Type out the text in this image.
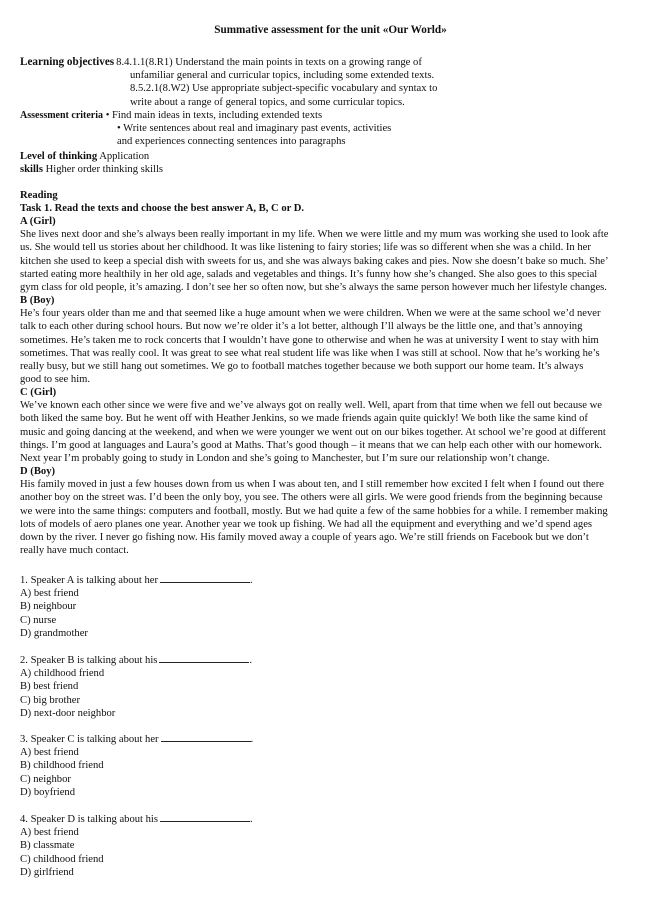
Summative assessment for the unit «Our World»
Learning objectives 8.4.1.1(8.R1) Understand the main points in texts on a growing range of
unfamiliar general and curricular topics, including some extended texts.
8.5.2.1(8.W2) Use appropriate subject-specific vocabulary and syntax to
write about a range of general topics, and some curricular topics.
Assessment criteria • Find main ideas in texts, including extended texts
• Write sentences about real and imaginary past events, activities
and experiences connecting sentences into paragraphs
Level of thinking Application
skills Higher order thinking skills
Reading
Task 1. Read the texts and choose the best answer A, B, C or D.
A (Girl)
She lives next door and she’s always been really important in my life. When we were little and my mum was working she used to look afte
us. She would tell us stories about her childhood. It was like listening to fairy stories; life was so different when she was a child. In her
kitchen she used to keep a special dish with sweets for us, and she was always baking cakes and pies. Now she doesn’t bake so much. She’
started eating more healthily in her old age, salads and vegetables and things. It’s funny how she’s changed. She also goes to this special
gym class for old people, it’s amazing. I don’t see her so often now, but she’s always the same person however much her lifestyle changes.
B (Boy)
He’s four years older than me and that seemed like a huge amount when we were children. When we were at the same school we’d never
talk to each other during school hours. But now we’re older it’s a lot better, although I’ll always be the little one, and that’s annoying
sometimes. He’s taken me to rock concerts that I wouldn’t have gone to otherwise and when he was at university I went to stay with him
sometimes. That was really cool. It was great to see what real student life was like when I was still at school. Now that he’s working he’s
really busy, but we still hang out sometimes. We go to football matches together because we both support our home team. It’s always
good to see him.
C (Girl)
We’ve known each other since we were five and we’ve always got on really well. Well, apart from that time when we fell out because we
both liked the same boy. But he went off with Heather Jenkins, so we made friends again quite quickly! We both like the same kind of
music and going dancing at the weekend, and when we were younger we went out on our bikes together. At school we’re good at different
things. I’m good at languages and Laura’s good at Maths. That’s good though – it means that we can help each other with our homework.
Next year I’m probably going to study in London and she’s going to Manchester, but I’m sure our relationship won’t change.
D (Boy)
His family moved in just a few houses down from us when I was about ten, and I still remember how excited I felt when I found out there
another boy on the street was. I’d been the only boy, you see. The others were all girls. We were good friends from the beginning because
we were into the same things: computers and football, mostly. But we had quite a few of the same hobbies for a while. I remember making
lots of models of aero planes one year. Another year we took up fishing. We had all the equipment and everything and we’d spend ages
down by the river. I never go fishing now. His family moved away a couple of years ago. We’re still friends on Facebook but we don’t
really have much contact.
1. Speaker A is talking about her	.
A) best friend
B) neighbour
C) nurse
D) grandmother
2. Speaker B is talking about his	.
A) childhood friend
B) best friend
C) big brother
D) next-door neighbor
3. Speaker C is talking about her	.
A) best friend
B) childhood friend
C) neighbor
D) boyfriend
4. Speaker D is talking about his	.
A) best friend
B) classmate
C) childhood friend
D) girlfriend
